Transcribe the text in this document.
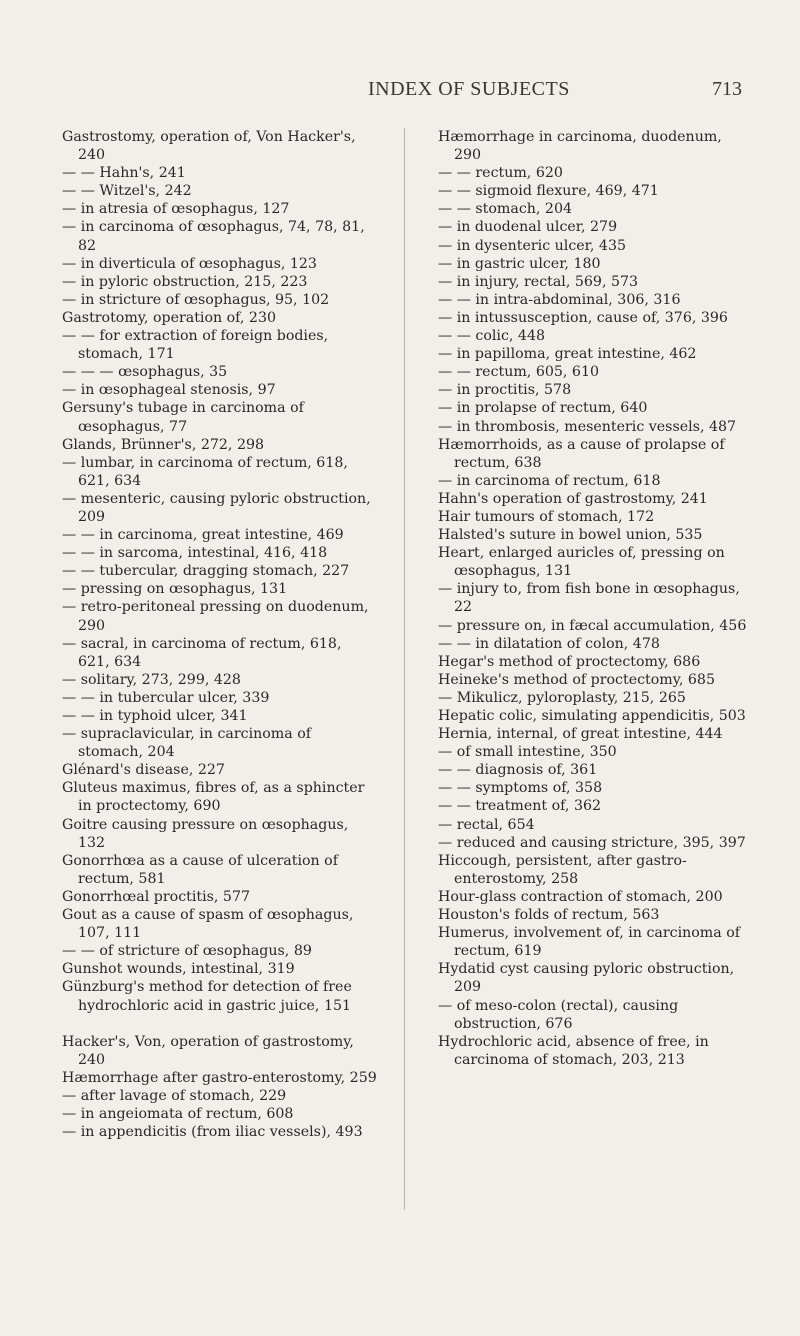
INDEX OF SUBJECTS	713

Gastrostomy, operation of, Von Hacker's, 240

— — Hahn's, 241

— — Witzel's, 242

— in atresia of œsophagus, 127

— in carcinoma of œsophagus, 74, 78, 81, 82

— in diverticula of œsophagus, 123

— in pyloric obstruction, 215, 223

— in stricture of œsophagus, 95, 102

Gastrotomy, operation of, 230

— — for extraction of foreign bodies, stomach, 171

— — — œsophagus, 35

— in œsophageal stenosis, 97

Gersuny's tubage in carcinoma of œsophagus, 77

Glands, Brünner's, 272, 298

— lumbar, in carcinoma of rectum, 618, 621, 634

— mesenteric, causing pyloric obstruction, 209

— — in carcinoma, great intestine, 469

— — in sarcoma, intestinal, 416, 418

— — tubercular, dragging stomach, 227

— pressing on œsophagus, 131

— retro-peritoneal pressing on duodenum, 290

— sacral, in carcinoma of rectum, 618, 621, 634

— solitary, 273, 299, 428

— — in tubercular ulcer, 339

— — in typhoid ulcer, 341

— supraclavicular, in carcinoma of stomach, 204

Glénard's disease, 227

Gluteus maximus, fibres of, as a sphincter in proctectomy, 690

Goitre causing pressure on œsophagus, 132

Gonorrhœa as a cause of ulceration of rectum, 581

Gonorrhœal proctitis, 577

Gout as a cause of spasm of œsophagus, 107, 111

— — of stricture of œsophagus, 89

Gunshot wounds, intestinal, 319

Günzburg's method for detection of free hydrochloric acid in gastric juice, 151

Hacker's, Von, operation of gastrostomy, 240

Hæmorrhage after gastro-enterostomy, 259

— after lavage of stomach, 229

— in angeiomata of rectum, 608

— in appendicitis (from iliac vessels), 493

Hæmorrhage in carcinoma, duodenum, 290

— — rectum, 620

— — sigmoid flexure, 469, 471

— — stomach, 204

— in duodenal ulcer, 279

— in dysenteric ulcer, 435

— in gastric ulcer, 180

— in injury, rectal, 569, 573

— — in intra-abdominal, 306, 316

— in intussusception, cause of, 376, 396

— — colic, 448

— in papilloma, great intestine, 462

— — rectum, 605, 610

— in proctitis, 578

— in prolapse of rectum, 640

— in thrombosis, mesenteric vessels, 487

Hæmorrhoids, as a cause of prolapse of rectum, 638

— in carcinoma of rectum, 618

Hahn's operation of gastrostomy, 241

Hair tumours of stomach, 172

Halsted's suture in bowel union, 535

Heart, enlarged auricles of, pressing on œsophagus, 131

— injury to, from fish bone in œsophagus, 22

— pressure on, in fæcal accumulation, 456

— — in dilatation of colon, 478

Hegar's method of proctectomy, 686

Heineke's method of proctectomy, 685

— Mikulicz, pyloroplasty, 215, 265

Hepatic colic, simulating appendicitis, 503

Hernia, internal, of great intestine, 444

— of small intestine, 350

— — diagnosis of, 361

— — symptoms of, 358

— — treatment of, 362

— rectal, 654

— reduced and causing stricture, 395, 397

Hiccough, persistent, after gastro-enterostomy, 258

Hour-glass contraction of stomach, 200

Houston's folds of rectum, 563

Humerus, involvement of, in carcinoma of rectum, 619

Hydatid cyst causing pyloric obstruction, 209

— of meso-colon (rectal), causing obstruction, 676

Hydrochloric acid, absence of free, in carcinoma of stomach, 203, 213
